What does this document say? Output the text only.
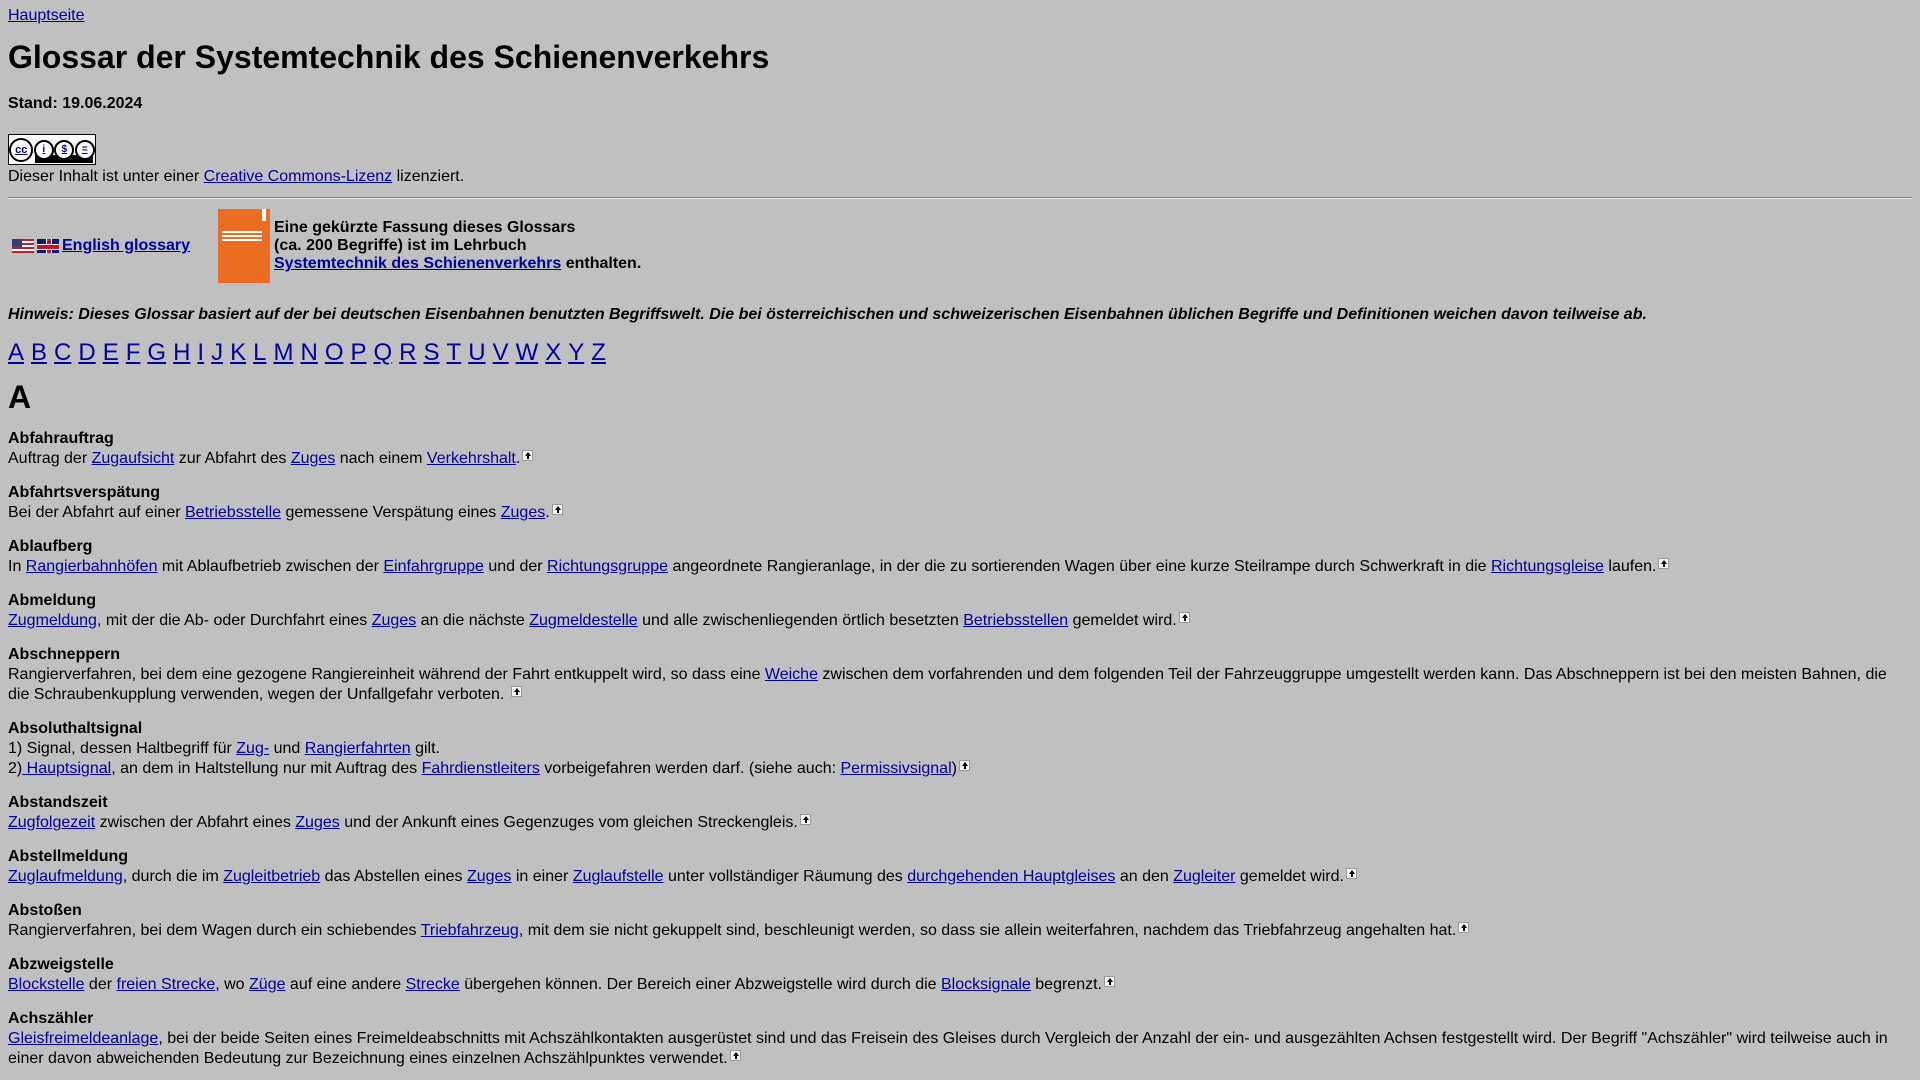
Hauptseite
Glossar der Systemtechnik des Schienenverkehrs
Stand: 19.06.2024
cc	i	$	=
Dieser Inhalt ist unter einer Creative Commons-Lizenz lizenziert.
English glossary
Eine gekürzte Fassung dieses Glossars
(ca. 200 Begriffe) ist im Lehrbuch
Systemtechnik des Schienenverkehrs enthalten.
Hinweis: Dieses Glossar basiert auf der bei deutschen Eisenbahnen benutzten Begriffswelt. Die bei österreichischen und schweizerischen Eisenbahnen üblichen Begriffe und Definitionen weichen davon teilweise ab.
A B C D E F G H I J K L M N O P Q R S T U V W X Y Z
A
Abfahrauftrag
Auftrag der Zugaufsicht zur Abfahrt des Zuges nach einem Verkehrshalt.
Abfahrtsverspätung
Bei der Abfahrt auf einer Betriebsstelle gemessene Verspätung eines Zuges.
Ablaufberg
In Rangierbahnhöfen mit Ablaufbetrieb zwischen der Einfahrgruppe und der Richtungsgruppe angeordnete Rangieranlage, in der die zu sortierenden Wagen über eine kurze Steilrampe durch Schwerkraft in die Richtungsgleise laufen.
Abmeldung
Zugmeldung, mit der die Ab- oder Durchfahrt eines Zuges an die nächste Zugmeldestelle und alle zwischenliegenden örtlich besetzten Betriebsstellen gemeldet wird.
Abschneppern
Rangierverfahren, bei dem eine gezogene Rangiereinheit während der Fahrt entkuppelt wird, so dass eine Weiche zwischen dem vorfahrenden und dem folgenden Teil der Fahrzeuggruppe umgestellt werden kann. Das Abschneppern ist bei den meisten Bahnen, die die Schraubenkupplung verwenden, wegen der Unfallgefahr verboten.
Absoluthaltsignal
1) Signal, dessen Haltbegriff für Zug- und Rangierfahrten gilt.
2) Hauptsignal, an dem in Haltstellung nur mit Auftrag des Fahrdienstleiters vorbeigefahren werden darf. (siehe auch: Permissivsignal)
Abstandszeit
Zugfolgezeit zwischen der Abfahrt eines Zuges und der Ankunft eines Gegenzuges vom gleichen Streckengleis.
Abstellmeldung
Zuglaufmeldung, durch die im Zugleitbetrieb das Abstellen eines Zuges in einer Zuglaufstelle unter vollständiger Räumung des durchgehenden Hauptgleises an den Zugleiter gemeldet wird.
Abstoßen
Rangierverfahren, bei dem Wagen durch ein schiebendes Triebfahrzeug, mit dem sie nicht gekuppelt sind, beschleunigt werden, so dass sie allein weiterfahren, nachdem das Triebfahrzeug angehalten hat.
Abzweigstelle
Blockstelle der freien Strecke, wo Züge auf eine andere Strecke übergehen können. Der Bereich einer Abzweigstelle wird durch die Blocksignale begrenzt.
Achszähler
Gleisfreimeldeanlage, bei der beide Seiten eines Freimeldeabschnitts mit Achszählkontakten ausgerüstet sind und das Freisein des Gleises durch Vergleich der Anzahl der ein- und ausgezählten Achsen festgestellt wird. Der Begriff "Achszähler" wird teilweise auch in einer davon abweichenden Bedeutung zur Bezeichnung eines einzelnen Achszählpunktes verwendet.
